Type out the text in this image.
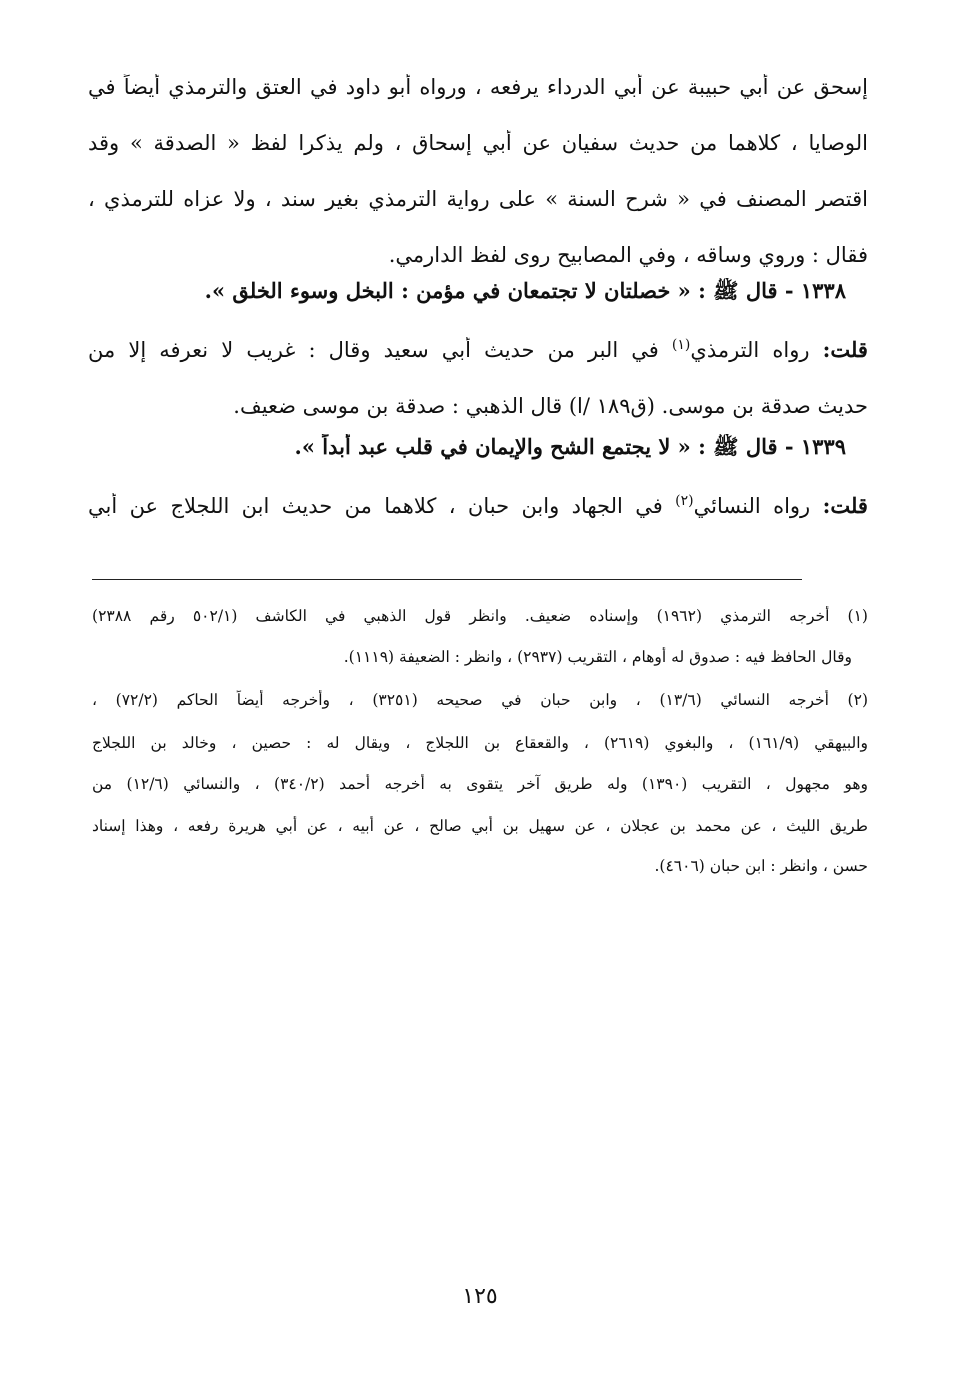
إسحق عن أبي حبيبة عن أبي الدرداء يرفعه ، ورواه أبو داود في العتق والترمذي أيضاً في
الوصايا ، كلاهما من حديث سفيان عن أبي إسحاق ، ولم يذكرا لفظ « الصدقة » وقد
اقتصر المصنف في « شرح السنة » على رواية الترمذي بغير سند ، ولا عزاه للترمذي ،
فقال : وروي وساقه ، وفي المصابيح روى لفظ الدارمي.
١٣٣٨ - قال ﷺ : « خصلتان لا تجتمعان في مؤمن : البخل وسوء الخلق ».
قلت: رواه الترمذي$^{(١)}$ في البر من حديث أبي سعيد وقال : غريب لا نعرفه إلا من
حديث صدقة بن موسى. (ق١٨٩ /ا) قال الذهبي : صدقة بن موسى ضعيف.
١٣٣٩ - قال ﷺ : « لا يجتمع الشح والإيمان في قلب عبد أبداً ».
قلت: رواه النسائي$^{(٢)}$ في الجهاد وابن حبان ، كلاهما من حديث ابن اللجلاج عن أبي
(١) أخرجه الترمذي (١٩٦٢) وإسناده ضعيف. وانظر قول الذهبي في الكاشف (٥٠٢/١ رقم ٢٣٨٨)
وقال الحافظ فيه : صدوق له أوهام ، التقريب (٢٩٣٧) ، وانظر : الضعيفة (١١١٩).
(٢) أخرجه النسائي (١٣/٦) ، وابن حبان في صحيحه (٣٢٥١) ، وأخرجه أيضاً الحاكم (٧٢/٢) ،
والبيهقي (١٦١/٩) ، والبغوي (٢٦١٩) ، والقعقاع بن اللجلاج ، ويقال له : حصين ، وخالد بن اللجلاج
وهو مجهول ، التقريب (١٣٩٠) وله طريق آخر يتقوى به أخرجه أحمد (٣٤٠/٢) ، والنسائي (١٢/٦) من
طريق الليث ، عن محمد بن عجلان ، عن سهيل بن أبي صالح ، عن أبيه ، عن أبي هريرة رفعه ، وهذا إسناد
حسن ، وانظر : ابن حبان (٤٦٠٦).
١٢٥
